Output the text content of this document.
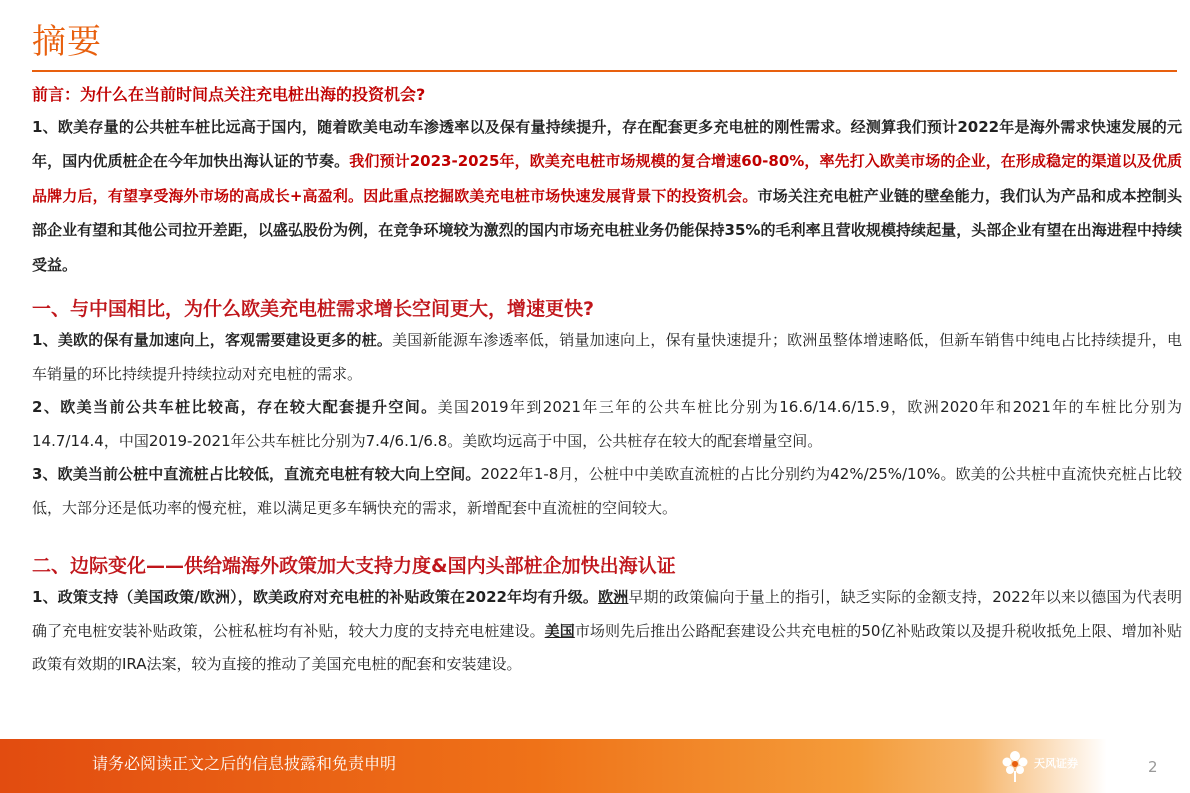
摘要
前言：为什么在当前时间点关注充电桩出海的投资机会?
1、欧美存量的公共桩车桩比远高于国内，随着欧美电动车渗透率以及保有量持续提升，存在配套更多充电桩的刚性需求。经测算我们预计2022年是海外需求快速发展的元年，国内优质桩企在今年加快出海认证的节奏。我们预计2023-2025年，欧美充电桩市场规模的复合增速60-80%，率先打入欧美市场的企业，在形成稳定的渠道以及优质品牌力后，有望享受海外市场的高成长+高盈利。因此重点挖掘欧美充电桩市场快速发展背景下的投资机会。市场关注充电桩产业链的壁垒能力，我们认为产品和成本控制头部企业有望和其他公司拉开差距，以盛弘股份为例，在竞争环境较为激烈的国内市场充电桩业务仍能保持35%的毛利率且营收规模持续起量，头部企业有望在出海进程中持续受益。
一、与中国相比，为什么欧美充电桩需求增长空间更大，增速更快?
1、美欧的保有量加速向上，客观需要建设更多的桩。美国新能源车渗透率低，销量加速向上，保有量快速提升；欧洲虽整体增速略低，但新车销售中纯电占比持续提升，电车销量的环比持续提升持续拉动对充电桩的需求。
2、欧美当前公共车桩比较高，存在较大配套提升空间。美国2019年到2021年三年的公共车桩比分别为16.6/14.6/15.9，欧洲2020年和2021年的车桩比分别为14.7/14.4，中国2019-2021年公共车桩比分别为7.4/6.1/6.8。美欧均远高于中国，公共桩存在较大的配套增量空间。
3、欧美当前公桩中直流桩占比较低，直流充电桩有较大向上空间。2022年1-8月，公桩中中美欧直流桩的占比分别约为42%/25%/10%。欧美的公共桩中直流快充桩占比较低，大部分还是低功率的慢充桩，难以满足更多车辆快充的需求，新增配套中直流桩的空间较大。
二、边际变化——供给端海外政策加大支持力度&国内头部桩企加快出海认证
1、政策支持（美国政策/欧洲），欧美政府对充电桩的补贴政策在2022年均有升级。欧洲早期的政策偏向于量上的指引，缺乏实际的金额支持，2022年以来以德国为代表明确了充电桩安装补贴政策，公桩私桩均有补贴，较大力度的支持充电桩建设。美国市场则先后推出公路配套建设公共充电桩的50亿补贴政策以及提升税收抵免上限、增加补贴政策有效期的IRA法案，较为直接的推动了美国充电桩的配套和安装建设。
请务必阅读正文之后的信息披露和免责申明	天风证券	2
